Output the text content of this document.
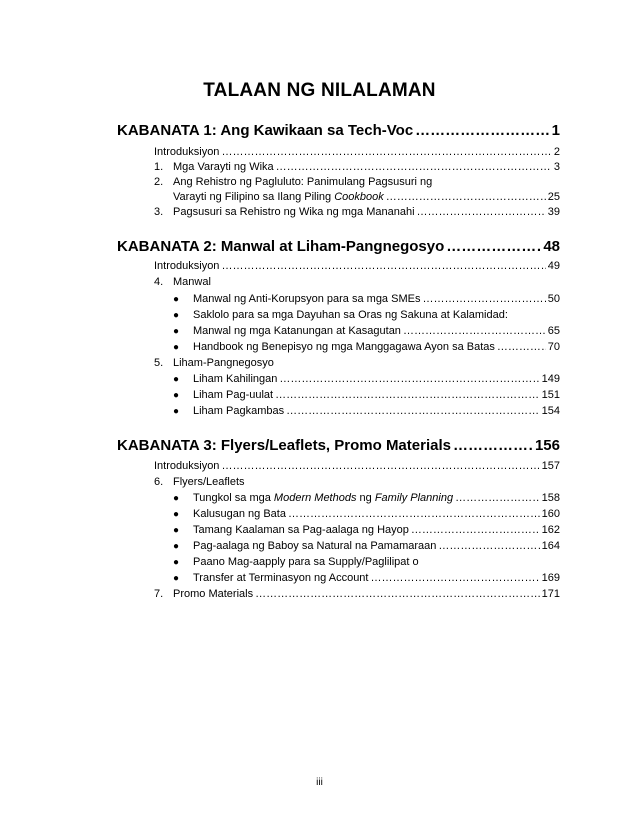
TALAAN NG NILALAMAN
KABANATA 1: Ang Kawikaan sa Tech-Voc …………………………………………………………………………………………………………………………………………………………………………………………	1
Introduksiyon …………………………………………………………………………………………………………………………………………………………………………………………	2
1. Mga Varayti ng Wika …………………………………………………………………………………………………………………………………………………………………………………………	3
2. Ang Rehistro ng Pagluluto: Panimulang Pagsusuri ng
Varayti ng Filipino sa Ilang Piling Cookbook …………………………………………………………………………………………………………………………………………………………………………………………	25
3. Pagsusuri sa Rehistro ng Wika ng mga Mananahi …………………………………………………………………………………………………………………………………………………………………………………………	39
KABANATA 2: Manwal at Liham-Pangnegosyo …………………………………………………………………………………………………………………………………………………………………………………………	48
Introduksiyon …………………………………………………………………………………………………………………………………………………………………………………………	49
4. Manwal
● Manwal ng Anti-Korupsyon para sa mga SMEs …………………………………………………………………………………………………………………………………………………………………………………………	50
● Saklolo para sa mga Dayuhan sa Oras ng Sakuna at Kalamidad:
● Manwal ng mga Katanungan at Kasagutan …………………………………………………………………………………………………………………………………………………………………………………………	65
● Handbook ng Benepisyo ng mga Manggagawa Ayon sa Batas …………………………………………………………………………………………………………………………………………………………………………………………	70
5. Liham-Pangnegosyo
● Liham Kahilingan …………………………………………………………………………………………………………………………………………………………………………………………	149
● Liham Pag-uulat …………………………………………………………………………………………………………………………………………………………………………………………	151
● Liham Pagkambas …………………………………………………………………………………………………………………………………………………………………………………………	154
KABANATA 3: Flyers/Leaflets, Promo Materials …………………………………………………………………………………………………………………………………………………………………………………………	156
Introduksiyon …………………………………………………………………………………………………………………………………………………………………………………………	157
6. Flyers/Leaflets
● Tungkol sa mga Modern Methods ng Family Planning …………………………………………………………………………………………………………………………………………………………………………………………	158
● Kalusugan ng Bata …………………………………………………………………………………………………………………………………………………………………………………………	160
● Tamang Kaalaman sa Pag-aalaga ng Hayop …………………………………………………………………………………………………………………………………………………………………………………………	162
● Pag-aalaga ng Baboy sa Natural na Pamamaraan …………………………………………………………………………………………………………………………………………………………………………………………	164
● Paano Mag-aapply para sa Supply/Paglilipat o
● Transfer at Terminasyon ng Account …………………………………………………………………………………………………………………………………………………………………………………………	169
7. Promo Materials …………………………………………………………………………………………………………………………………………………………………………………………	171
iii
